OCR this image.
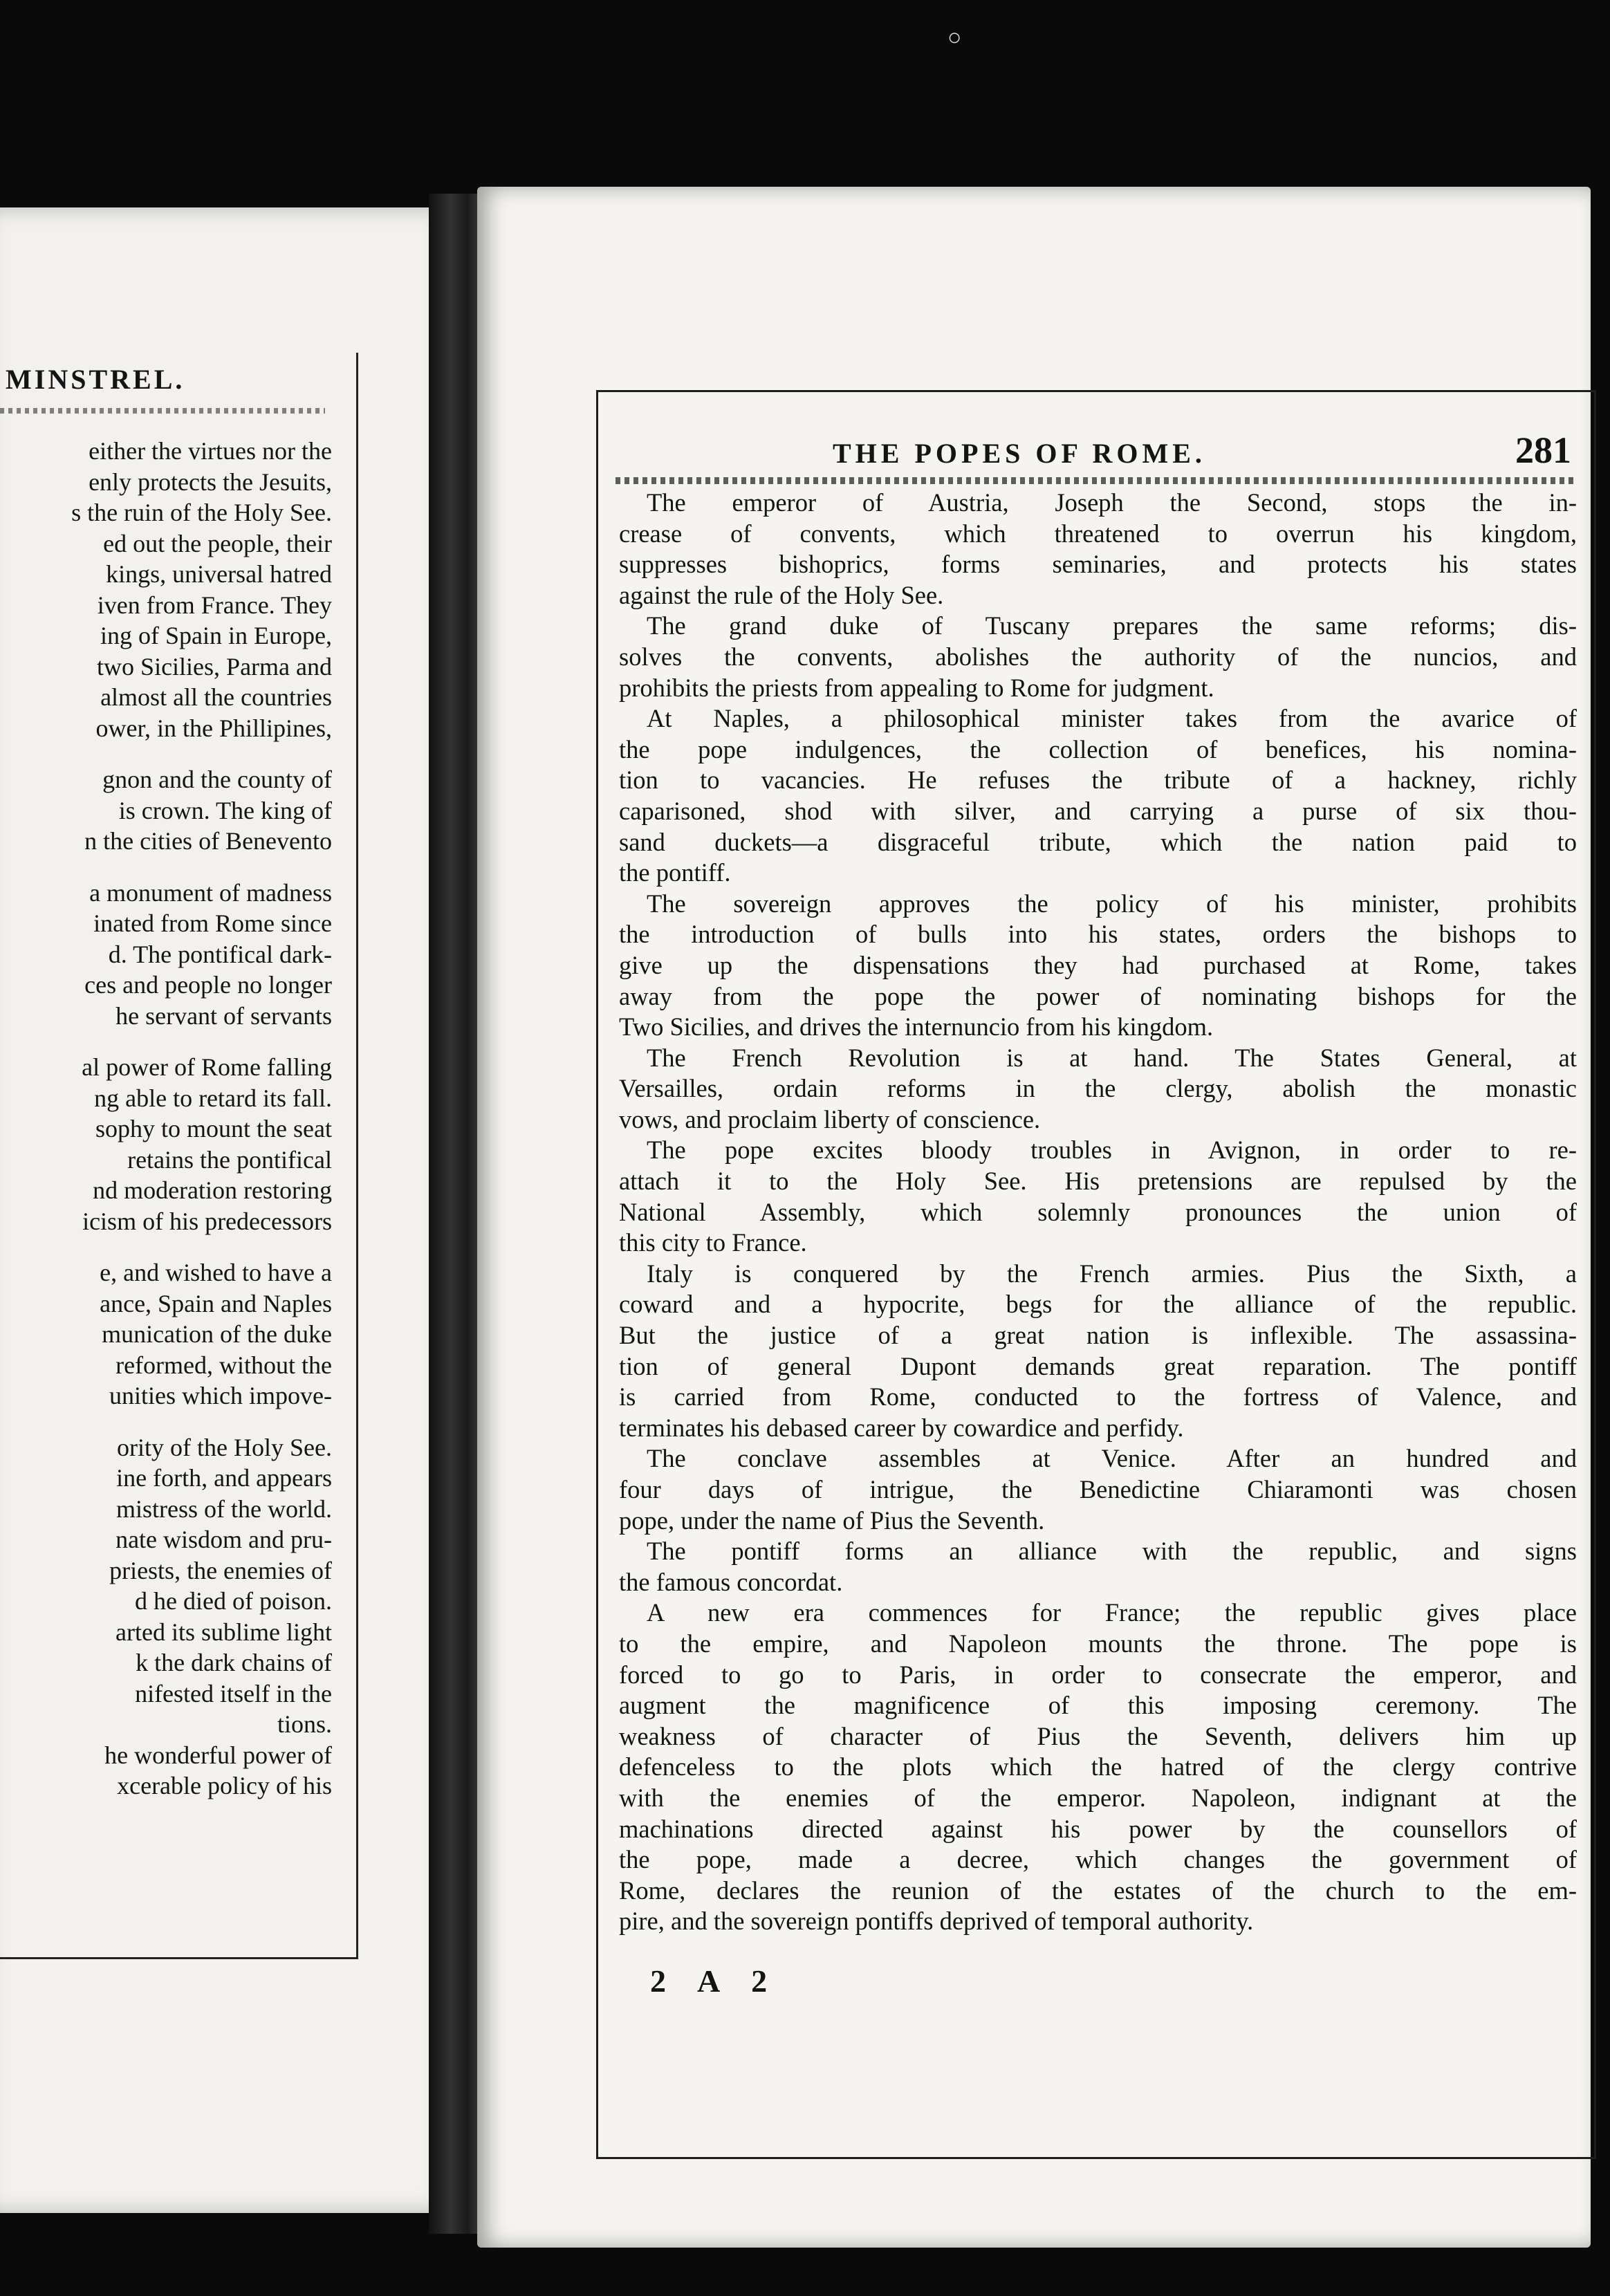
○
MINSTREL.
either the virtues nor the
enly protects the Jesuits,
s the ruin of the Holy See.
ed out the people, their
kings, universal hatred
iven from France. They
ing of Spain in Europe,
two Sicilies, Parma and
almost all the countries
ower, in the Phillipines,
gnon and the county of
is crown. The king of
n the cities of Benevento
a monument of madness
inated from Rome since
d. The pontifical dark-
ces and people no longer
he servant of servants
al power of Rome falling
ng able to retard its fall.
sophy to mount the seat
retains the pontifical
nd moderation restoring
icism of his predecessors
e, and wished to have a
ance, Spain and Naples
munication of the duke
reformed, without the
unities which impove-
ority of the Holy See.
ine forth, and appears
mistress of the world.
nate wisdom and pru-
priests, the enemies of
d he died of poison.
arted its sublime light
k the dark chains of
nifested itself in the
tions.
he wonderful power of
xcerable policy of his
THE POPES OF ROME.	281
The emperor of Austria, Joseph the Second, stops the in-
crease of convents, which threatened to overrun his kingdom,
suppresses bishoprics, forms seminaries, and protects his states
against the rule of the Holy See.
The grand duke of Tuscany prepares the same reforms; dis-
solves the convents, abolishes the authority of the nuncios, and
prohibits the priests from appealing to Rome for judgment.
At Naples, a philosophical minister takes from the avarice of
the pope indulgences, the collection of benefices, his nomina-
tion to vacancies. He refuses the tribute of a hackney, richly
caparisoned, shod with silver, and carrying a purse of six thou-
sand duckets—a disgraceful tribute, which the nation paid to
the pontiff.
The sovereign approves the policy of his minister, prohibits
the introduction of bulls into his states, orders the bishops to
give up the dispensations they had purchased at Rome, takes
away from the pope the power of nominating bishops for the
Two Sicilies, and drives the internuncio from his kingdom.
The French Revolution is at hand. The States General, at
Versailles, ordain reforms in the clergy, abolish the monastic
vows, and proclaim liberty of conscience.
The pope excites bloody troubles in Avignon, in order to re-
attach it to the Holy See. His pretensions are repulsed by the
National Assembly, which solemnly pronounces the union of
this city to France.
Italy is conquered by the French armies. Pius the Sixth, a
coward and a hypocrite, begs for the alliance of the republic.
But the justice of a great nation is inflexible. The assassina-
tion of general Dupont demands great reparation. The pontiff
is carried from Rome, conducted to the fortress of Valence, and
terminates his debased career by cowardice and perfidy.
The conclave assembles at Venice. After an hundred and
four days of intrigue, the Benedictine Chiaramonti was chosen
pope, under the name of Pius the Seventh.
The pontiff forms an alliance with the republic, and signs
the famous concordat.
A new era commences for France; the republic gives place
to the empire, and Napoleon mounts the throne. The pope is
forced to go to Paris, in order to consecrate the emperor, and
augment the magnificence of this imposing ceremony. The
weakness of character of Pius the Seventh, delivers him up
defenceless to the plots which the hatred of the clergy contrive
with the enemies of the emperor. Napoleon, indignant at the
machinations directed against his power by the counsellors of
the pope, made a decree, which changes the government of
Rome, declares the reunion of the estates of the church to the em-
pire, and the sovereign pontiffs deprived of temporal authority.
2 A 2
